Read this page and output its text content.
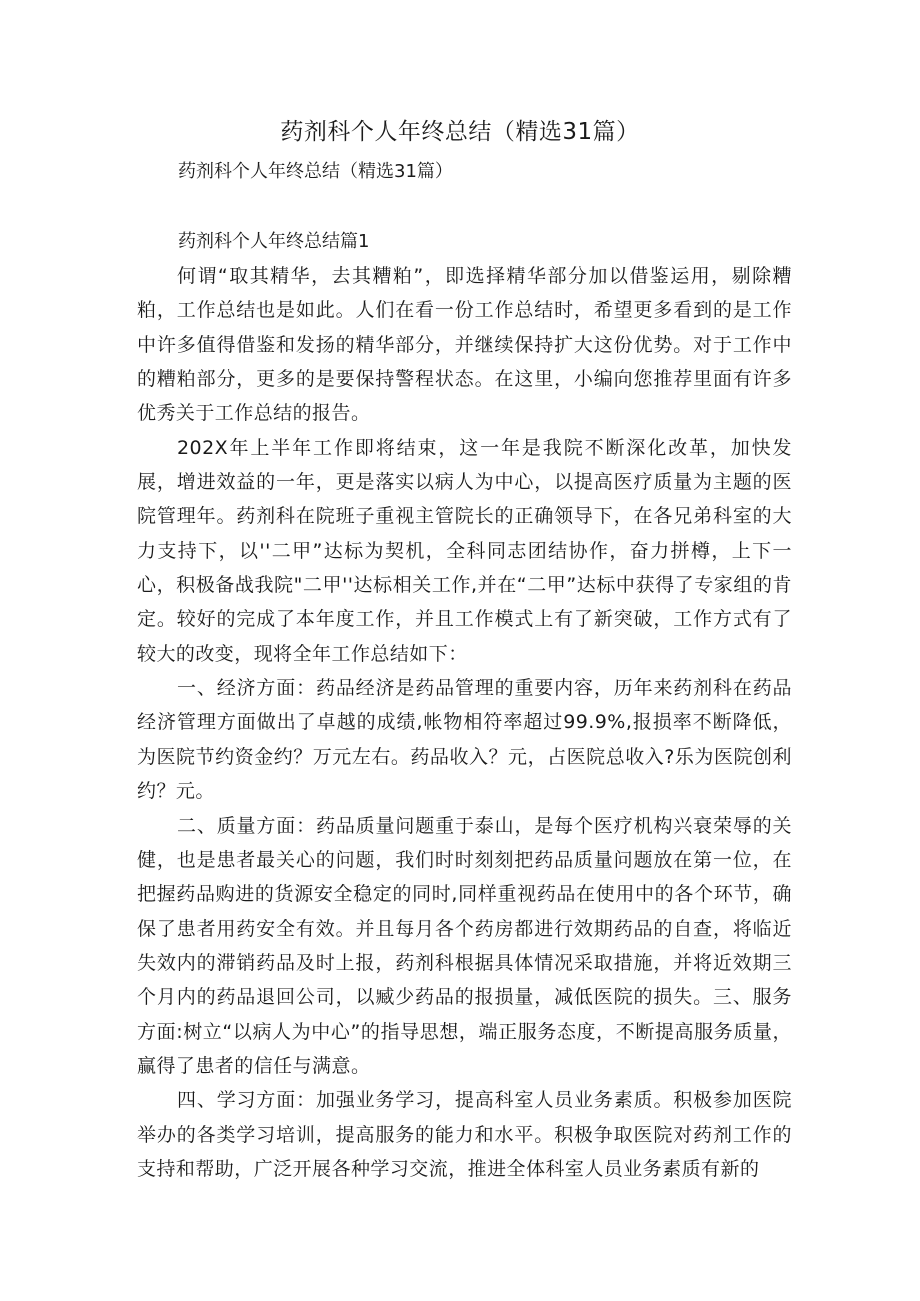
药剂科个人年终总结（精选31篇）

药剂科个人年终总结（精选31篇）

药剂科个人年终总结篇1

何谓“取其精华，去其糟粕”，即选择精华部分加以借鉴运用，剔除糟粕，工作总结也是如此。人们在看一份工作总结时，希望更多看到的是工作中许多值得借鉴和发扬的精华部分，并继续保持扩大这份优势。对于工作中的糟粕部分，更多的是要保持警程状态。在这里，小编向您推荐里面有许多优秀关于工作总结的报告。

202X年上半年工作即将结束，这一年是我院不断深化改革，加快发展，增进效益的一年，更是落实以病人为中心，以提高医疗质量为主题的医院管理年。药剂科在院班子重视主管院长的正确领导下，在各兄弟科室的大力支持下，以''二甲”达标为契机，全科同志团结协作，奋力拼樽，上下一心，积极备战我院"二甲''达标相关工作,并在“二甲”达标中获得了专家组的肯定。较好的完成了本年度工作，并且工作模式上有了新突破，工作方式有了较大的改变，现将全年工作总结如下：

一、经济方面：药品经济是药品管理的重要内容，历年来药剂科在药品经济管理方面做出了卓越的成绩,帐物相符率超过99.9%,报损率不断降低，为医院节约资金约？万元左右。药品收入？元，占医院总收入?乐为医院创利约？元。

二、质量方面：药品质量问题重于泰山，是每个医疗机构兴衰荣辱的关健，也是患者最关心的问题，我们时时刻刻把药品质量问题放在第一位，在把握药品购进的货源安全稳定的同时,同样重视药品在使用中的各个环节，确保了患者用药安全有效。并且每月各个药房都进行效期药品的自查，将临近失效内的滞销药品及时上报，药剂科根据具体情况采取措施，并将近效期三个月内的药品退回公司，以臧少药品的报损量，减低医院的损失。三、服务方面:树立“以病人为中心”的指导思想，端正服务态度，不断提高服务质量，赢得了患者的信任与满意。

四、学习方面：加强业务学习，提高科室人员业务素质。积极参加医院举办的各类学习培训，提高服务的能力和水平。积极争取医院对药剂工作的支持和帮助，广泛开展各种学习交流，推进全体科室人员业务素质有新的
